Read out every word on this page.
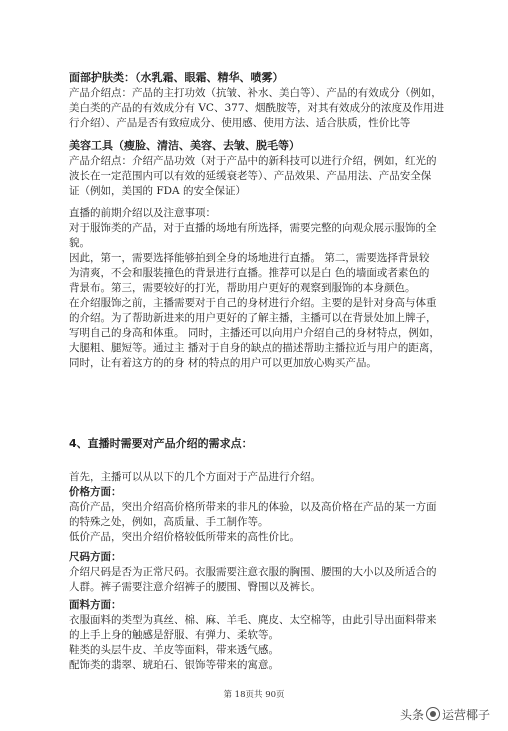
面部护肤类：（水乳霜、眼霜、精华、喷雾）
产品介绍点：产品的主打功效（抗皱、补水、美白等）、产品的有效成分（例如，
美白类的产品的有效成分有 VC、377、烟酰胺等，对其有效成分的浓度及作用进
行介绍）、产品是否有致痘成分、使用感、使用方法、适合肤质，性价比等
美容工具（瘦脸、清洁、美容、去皱、脱毛等）
产品介绍点：介绍产品功效（对于产品中的新科技可以进行介绍，例如，红光的
波长在一定范围内可以有效的延缓衰老等）、产品效果、产品用法、产品安全保
证（例如，美国的 FDA 的安全保证）
直播的前期介绍以及注意事项：
对于服饰类的产品，对于直播的场地有所选择，需要完整的向观众展示服饰的全
貌。
因此，第一，需要选择能够拍到全身的场地进行直播。 第二，需要选择背景较
为清爽，不会和服装撞色的背景进行直播。推荐可以是白 色的墙面或者素色的
背景布。第三，需要较好的打光，帮助用户更好的观察到服饰的本身颜色。
在介绍服饰之前，主播需要对于自己的身材进行介绍。主要的是针对身高与体重
的介绍。为了帮助新进来的用户更好的了解主播，主播可以在背景处加上牌子，
写明自己的身高和体重。 同时，主播还可以向用户介绍自己的身材特点，例如，
大腿粗、腿短等。通过主 播对于自身的缺点的描述帮助主播拉近与用户的距离，
同时，让有着这方的的身 材的特点的用户可以更加放心购买产品。
4、直播时需要对产品介绍的需求点：
首先，主播可以从以下的几个方面对于产品进行介绍。
价格方面：
高价产品，突出介绍高价格所带来的非凡的体验，以及高价格在产品的某一方面
的特殊之处，例如，高质量、手工制作等。
低价产品，突出介绍价格较低所带来的高性价比。
尺码方面：
介绍尺码是否为正常尺码。衣服需要注意衣服的胸围、腰围的大小以及所适合的
人群。裤子需要注意介绍裤子的腰围、臀围以及裤长。
面料方面：
衣服面料的类型为真丝、棉、麻、羊毛、麂皮、太空棉等，由此引导出面料带来
的上手上身的触感是舒服、有弹力、柔软等。
鞋类的头层牛皮、羊皮等面料，带来透气感。
配饰类的翡翠、琥珀石、银饰等带来的寓意。
第 18页共 90页
头条 运营椰子
